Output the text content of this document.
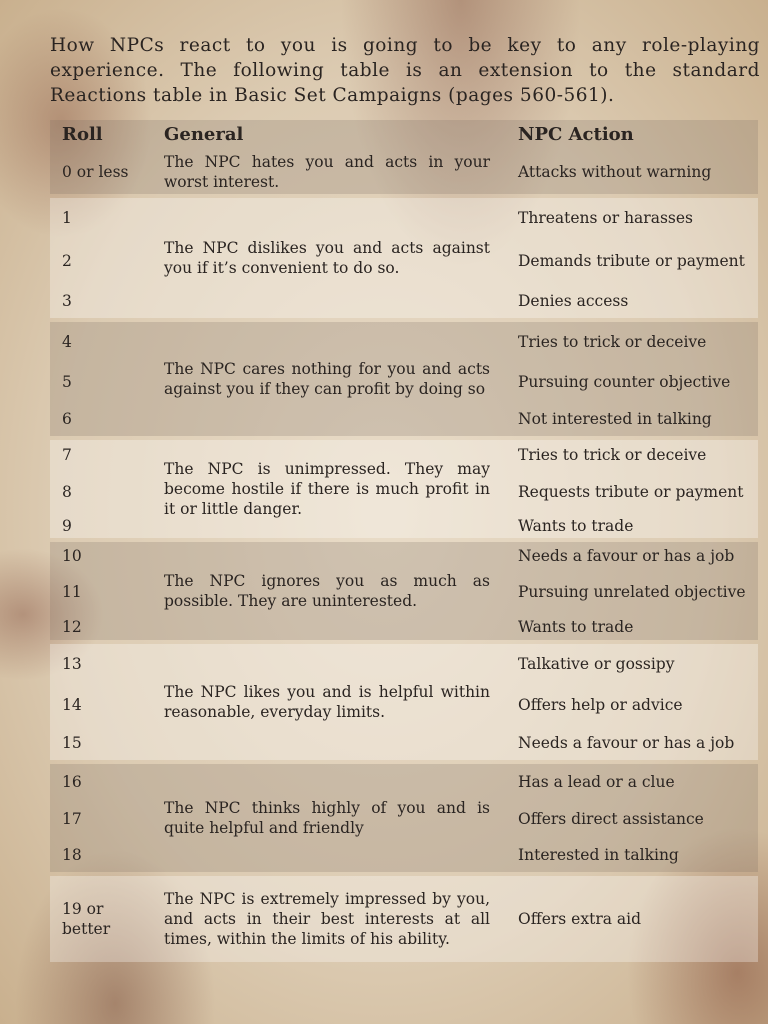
How NPCs react to you is going to be key to any role-playing experience. The following table is an extension to the standard Reactions table in Basic Set Campaigns (pages 560-561).

Roll	General	NPC Action
0 or less	The NPC hates you and acts in your worst interest.	Attacks without warning

1	The NPC dislikes you and acts against you if it’s convenient to do so.	Threatens or harasses
2		Demands tribute or payment
3		Denies access

4	The NPC cares nothing for you and acts against you if they can profit by doing so	Tries to trick or deceive
5		Pursuing counter objective
6		Not interested in talking

7	The NPC is unimpressed. They may become hostile if there is much profit in it or little danger.	Tries to trick or deceive
8		Requests tribute or payment
9		Wants to trade

10	The NPC ignores you as much as possible. They are uninterested.	Needs a favour or has a job
11		Pursuing unrelated objective
12		Wants to trade

13	The NPC likes you and is helpful within reasonable, everyday limits.	Talkative or gossipy
14		Offers help or advice
15		Needs a favour or has a job

16	The NPC thinks highly of you and is quite helpful and friendly	Has a lead or a clue
17		Offers direct assistance
18		Interested in talking

19 or better	The NPC is extremely impressed by you, and acts in their best interests at all times, within the limits of his ability.	Offers extra aid
